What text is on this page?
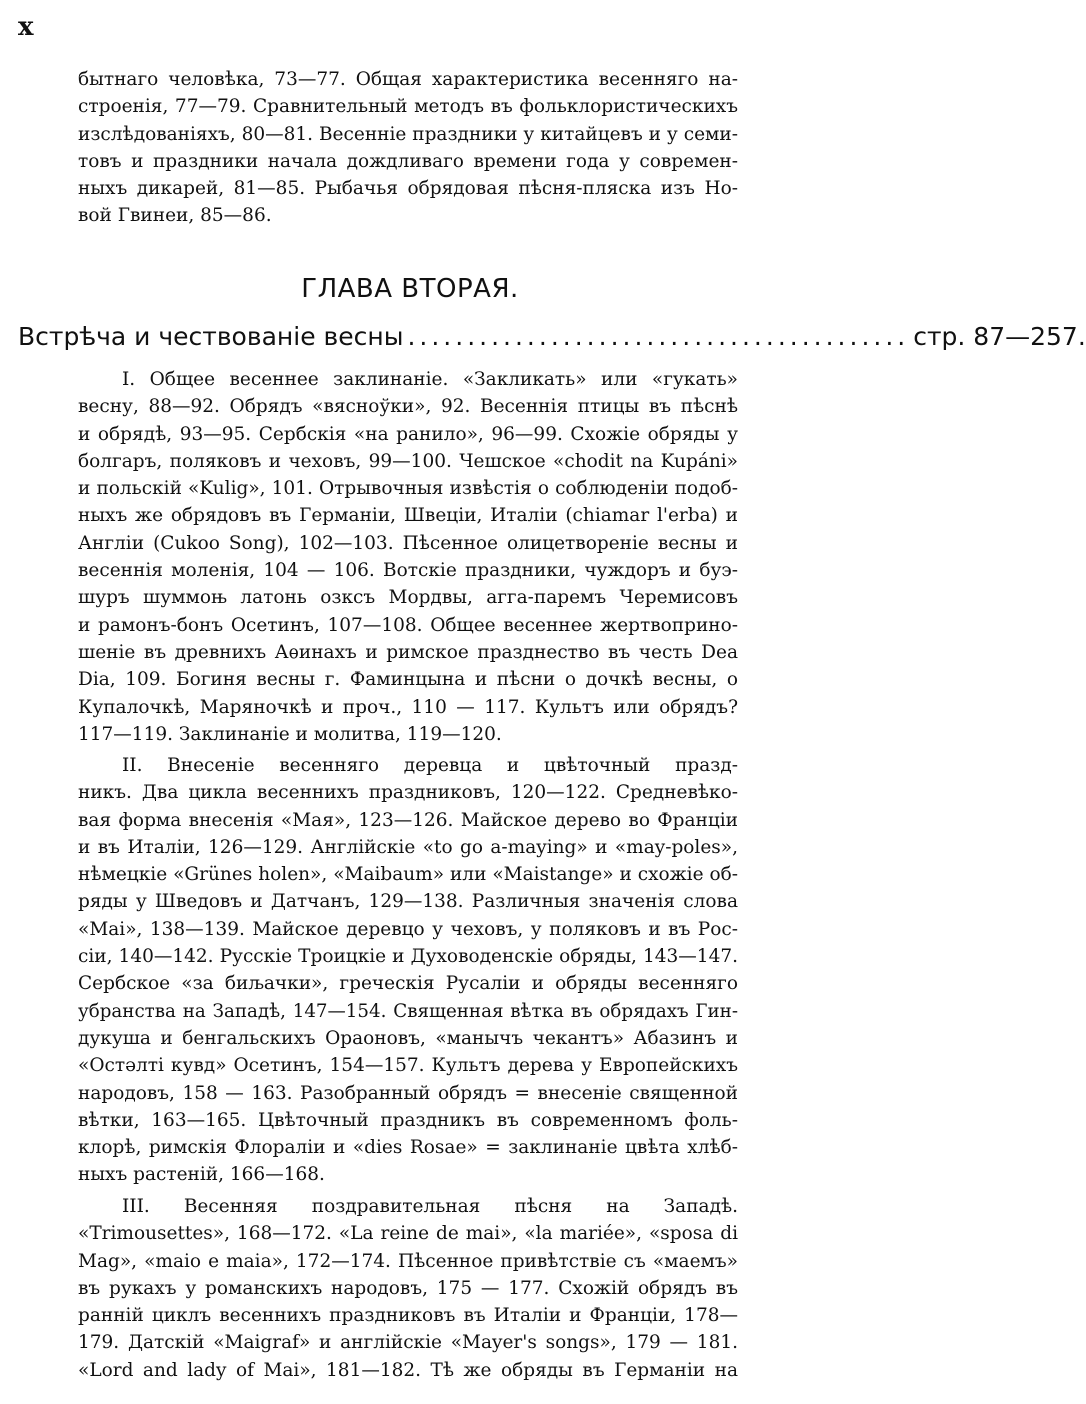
x
бытнаго человѣка, 73—77. Общая характеристика весенняго на-
строенія, 77—79. Сравнительный методъ въ фольклористическихъ
изслѣдованіяхъ, 80—81. Весенніе праздники у китайцевъ и у семи-
товъ и праздники начала дождливаго времени года у современ-
ныхъ дикарей, 81—85. Рыбачья обрядовая пѣсня-пляска изъ Но-
вой Гвинеи, 85—86.
ГЛАВА ВТОРАЯ.
Встрѣча и чествованіе весны .......................................... стр. 87—257.
I. Общее весеннее заклинаніе. «Закликать» или «гукать»
весну, 88—92. Обрядъ «вясноўки», 92. Весеннія птицы въ пѣснѣ
и обрядѣ, 93—95. Сербскія «на ранило», 96—99. Схожіе обряды у
болгаръ, поляковъ и чеховъ, 99—100. Чешское «chodit na Kupáni»
и польскій «Kulig», 101. Отрывочныя извѣстія о соблюденіи подоб-
ныхъ же обрядовъ въ Германіи, Швеціи, Италіи (chiamar l'erba) и
Англіи (Cukoo Song), 102—103. Пѣсенное олицетвореніе весны и
весеннія моленія, 104 — 106. Вотскіе праздники, чуждоръ и буэ-
шуръ шуммоњ латонь озксъ Мордвы, агга-паремъ Черемисовъ
и рамонъ-бонъ Осетинъ, 107—108. Общее весеннее жертвоприно-
шеніе въ древнихъ Аѳинахъ и римское празднество въ честь Dea
Dia, 109. Богиня весны г. Фаминцына и пѣсни о дочкѣ весны, о
Купалочкѣ, Маряночкѣ и проч., 110 — 117. Культъ или обрядъ?
117—119. Заклинаніе и молитва, 119—120.
II. Внесеніе весенняго деревца и цвѣточный празд-
никъ. Два цикла весеннихъ праздниковъ, 120—122. Средневѣко-
вая форма внесенія «Мая», 123—126. Майское дерево во Франціи
и въ Италіи, 126—129. Англійскіе «to go a-maying» и «may-poles»,
нѣмецкіе «Grünes holen», «Maibaum» или «Maistange» и схожіе об-
ряды у Шведовъ и Датчанъ, 129—138. Различныя значенія слова
«Mai», 138—139. Майское деревцо у чеховъ, у поляковъ и въ Рос-
сіи, 140—142. Русскіе Троицкіе и Духоводенскіе обряды, 143—147.
Сербское «за биљачки», греческія Русаліи и обряды весенняго
убранства на Западѣ, 147—154. Священная вѣтка въ обрядахъ Гин-
дукуша и бенгальскихъ Ораоновъ, «манычъ чекантъ» Абазинъ и
«Остәлті кувд» Осетинъ, 154—157. Культъ дерева у Европейскихъ
народовъ, 158 — 163. Разобранный обрядъ = внесеніе священной
вѣтки, 163—165. Цвѣточный праздникъ въ современномъ фоль-
клорѣ, римскія Флораліи и «dies Rosae» = заклинаніе цвѣта хлѣб-
ныхъ растеній, 166—168.
III. Весенняя поздравительная пѣсня на Западѣ.
«Trimousettes», 168—172. «La reine de mai», «la mariée», «sposa di
Mag», «maio e maia», 172—174. Пѣсенное привѣтствіе съ «маемъ»
въ рукахъ у романскихъ народовъ, 175 — 177. Схожій обрядъ въ
ранній циклъ весеннихъ праздниковъ въ Италіи и Франціи, 178—
179. Датскій «Maigraf» и англійскіе «Mayer's songs», 179 — 181.
«Lord and lady of Mai», 181—182. Тѣ же обряды въ Германіи на
